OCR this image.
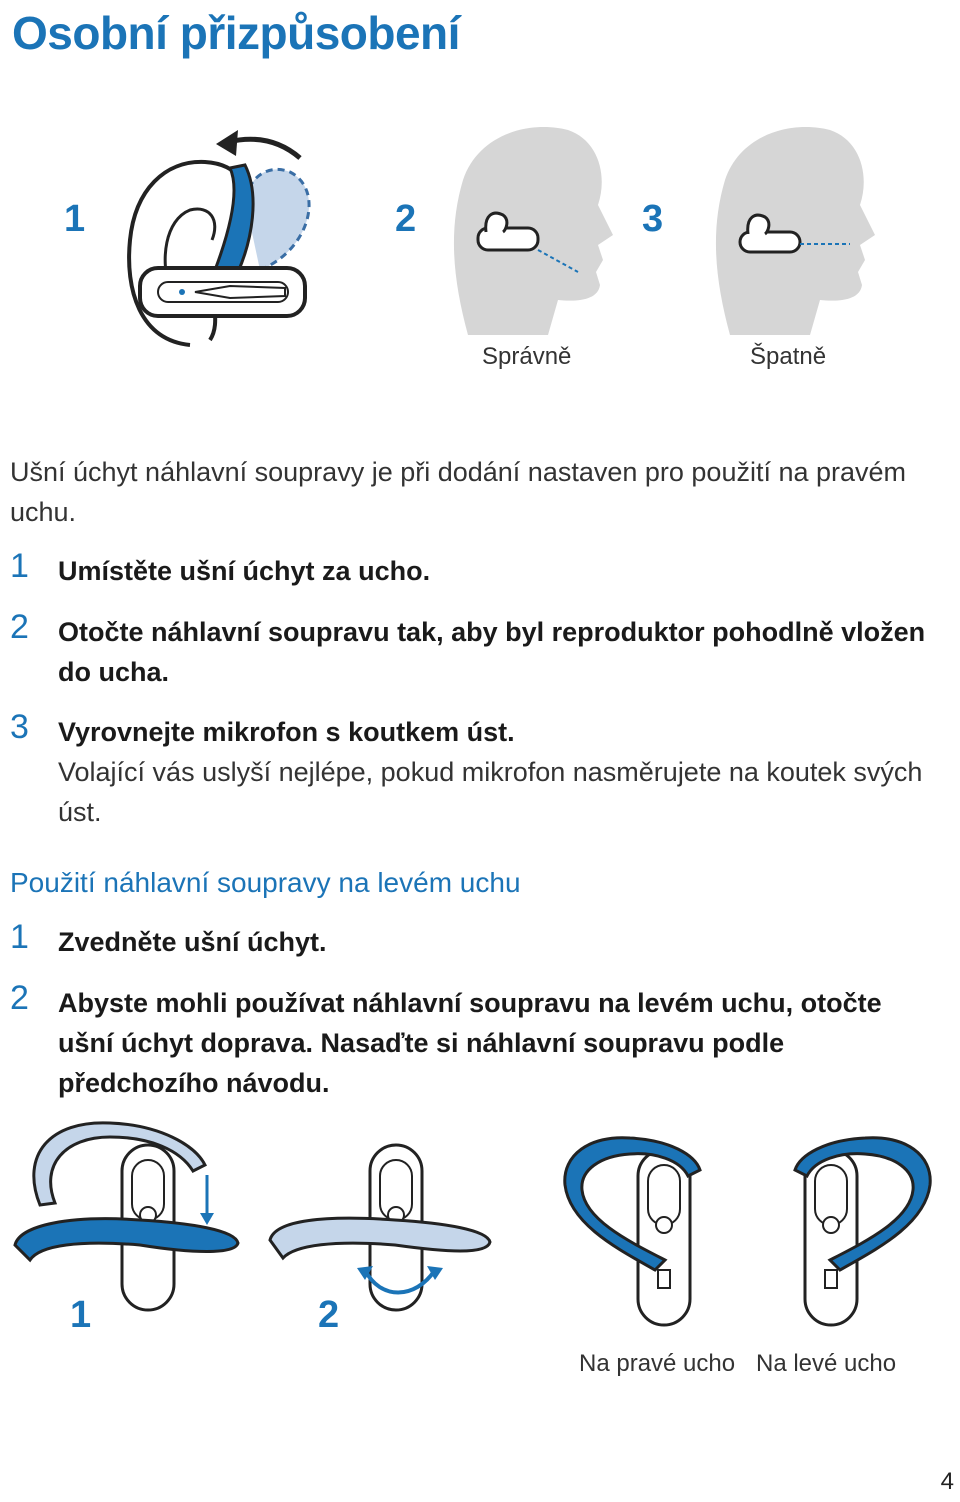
Osobní přizpůsobení
1	2
Správně
3
Špatně
Ušní úchyt náhlavní soupravy je při dodání nastaven pro použití na pravém uchu.
1 Umístěte ušní úchyt za ucho.
2 Otočte náhlavní soupravu tak, aby byl reproduktor pohodlně vložen do ucha.
3 Vyrovnejte mikrofon s koutkem úst.
Volající vás uslyší nejlépe, pokud mikrofon nasměrujete na koutek svých úst.
Použití náhlavní soupravy na levém uchu
1 Zvedněte ušní úchyt.
2 Abyste mohli používat náhlavní soupravu na levém uchu, otočte ušní úchyt doprava. Nasaďte si náhlavní soupravu podle předchozího návodu.
1	2
Na pravé ucho Na levé ucho
4
